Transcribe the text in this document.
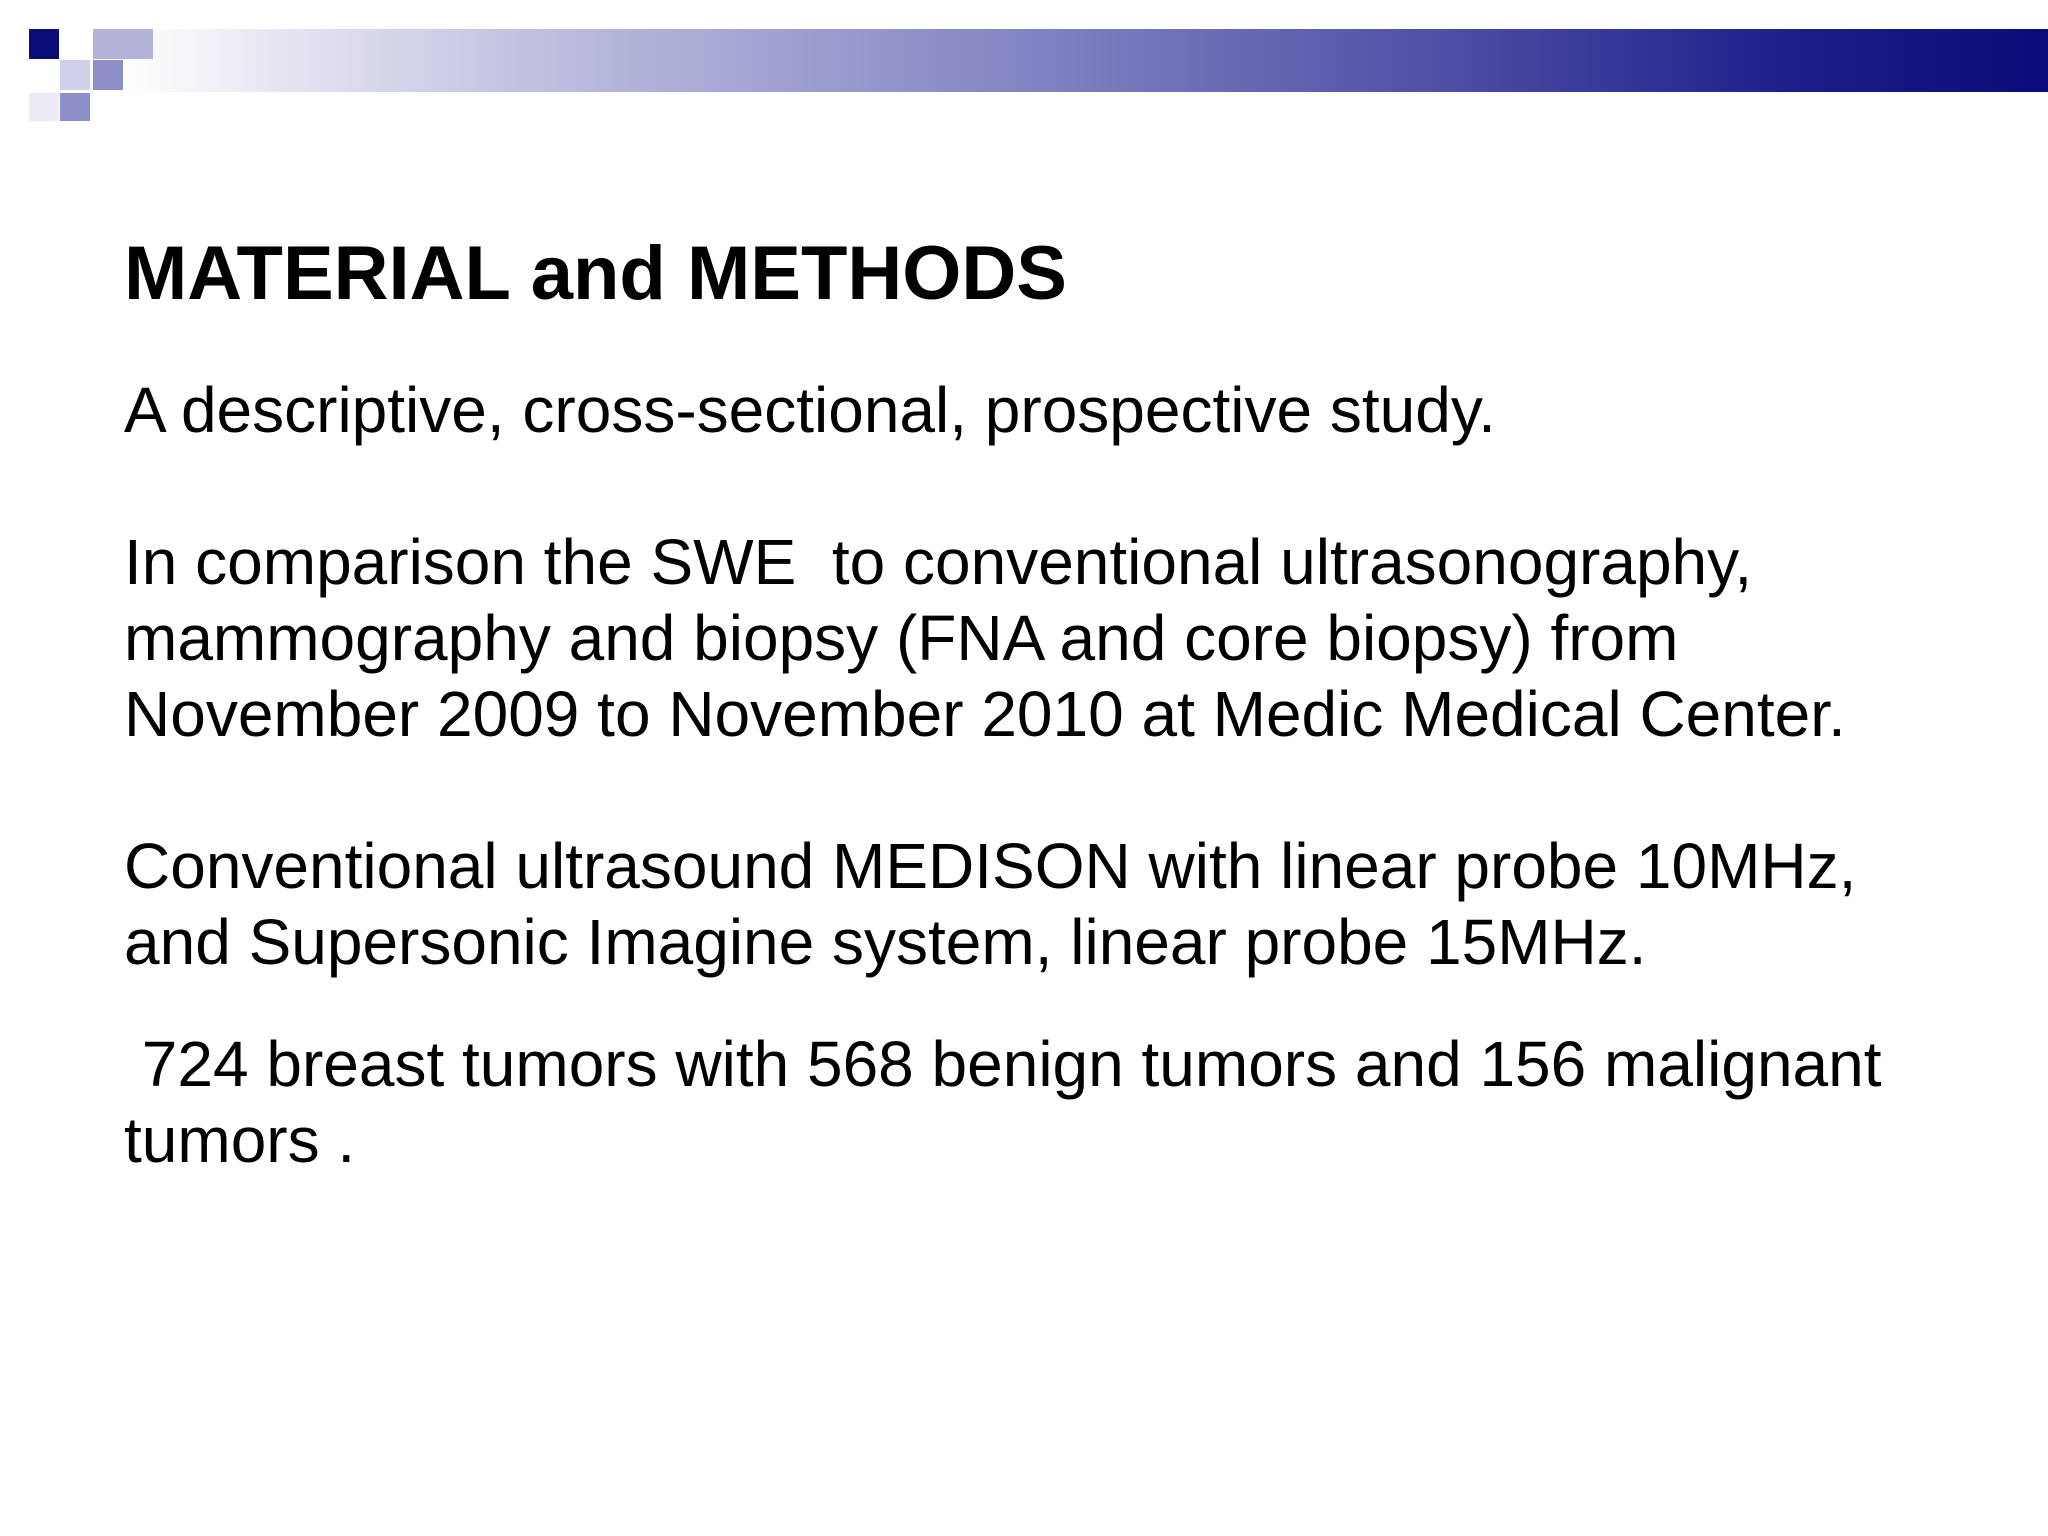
MATERIAL and METHODS

A descriptive, cross-sectional, prospective study.

In comparison the SWE  to conventional ultrasonography, mammography and biopsy (FNA and core biopsy) from November 2009 to November 2010 at Medic Medical Center.

Conventional ultrasound MEDISON with linear probe 10MHz, and Supersonic Imagine system, linear probe 15MHz.

724 breast tumors with 568 benign tumors and 156 malignant tumors .
